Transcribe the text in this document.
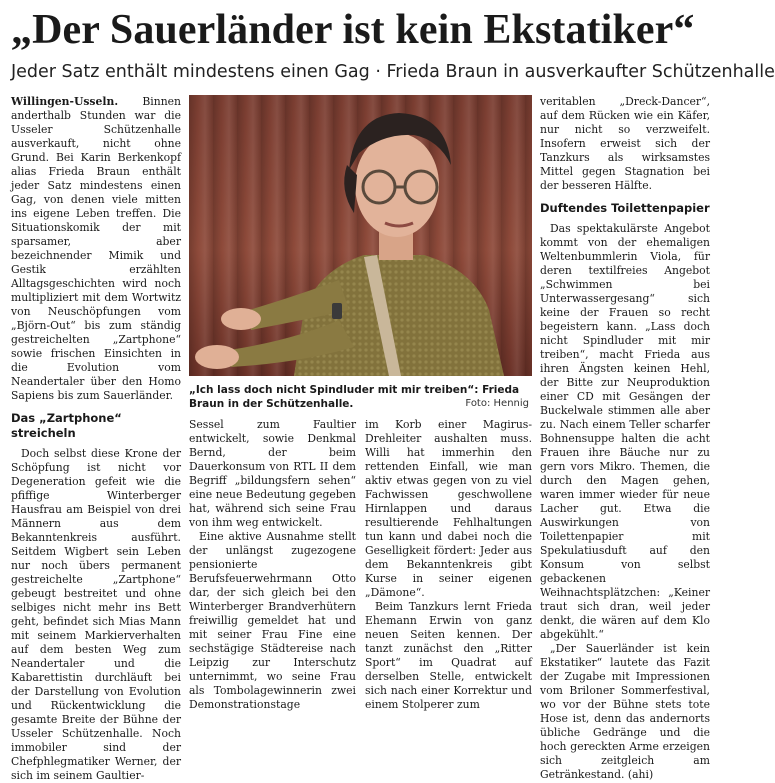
„Der Sauerländer ist kein Ekstatiker“
Jeder Satz enthält mindestens einen Gag · Frieda Braun in ausverkaufter Schützenhalle

Willingen-Usseln. Binnen anderthalb Stunden war die Usseler Schützenhalle ausverkauft, nicht ohne Grund. Bei Karin Berkenkopf alias Frieda Braun enthält jeder Satz mindestens einen Gag, von denen viele mitten ins eigene Leben treffen. Die Situationskomik der mit sparsamer, aber bezeichnender Mimik und Gestik erzählten Alltagsgeschichten wird noch multipliziert mit dem Wortwitz von Neuschöpfungen vom „Björn-Out“ bis zum ständig gestreichelten „Zartphone“ sowie frischen Einsichten in die Evolution vom Neandertaler über den Homo Sapiens bis zum Sauerländer.

Das „Zartphone“ streicheln

Doch selbst diese Krone der Schöpfung ist nicht vor Degeneration gefeit wie die pfiffige Winterberger Hausfrau am Beispiel von drei Männern aus dem Bekanntenkreis ausführt. Seitdem Wigbert sein Leben nur noch übers permanent gestreichelte „Zartphone“ gebeugt bestreitet und ohne selbiges nicht mehr ins Bett geht, befindet sich Mias Mann mit seinem Markierverhalten auf dem besten Weg zum Neandertaler und die Kabarettistin durchläuft bei der Darstellung von Evolution und Rückentwicklung die gesamte Breite der Bühne der Usseler Schützenhalle. Noch immobiler sind der Chefphlegmatiker Werner, der sich im seinem Gaultier-

„Ich lass doch nicht Spindluder mit mir treiben“: Frieda Braun in der Schützenhalle.	Foto: Hennig

Sessel zum Faultier entwickelt, sowie Denkmal Bernd, der beim Dauerkonsum von RTL II dem Begriff „bildungsfern sehen“ eine neue Bedeutung gegeben hat, während sich seine Frau von ihm weg entwickelt.

Eine aktive Ausnahme stellt der unlängst zugezogene pensionierte Berufsfeuerwehrmann Otto dar, der sich gleich bei den Winterberger Brandverhütern freiwillig gemeldet hat und mit seiner Frau Fine eine sechstägige Städtereise nach Leipzig zur Interschutz unternimmt, wo seine Frau als Tombolagewinnerin zwei Demonstrationstage

im Korb einer Magirus-Drehleiter aushalten muss. Willi hat immerhin den rettenden Einfall, wie man aktiv etwas gegen von zu viel Fachwissen geschwollene Hirnlappen und daraus resultierende Fehlhaltungen tun kann und dabei noch die Geselligkeit fördert: Jeder aus dem Bekanntenkreis gibt Kurse in seiner eigenen „Dämone“.

Beim Tanzkurs lernt Frieda Ehemann Erwin von ganz neuen Seiten kennen. Der tanzt zunächst den „Ritter Sport“ im Quadrat auf derselben Stelle, entwickelt sich nach einer Korrektur und einem Stolperer zum

veritablen „Dreck-Dancer“, auf dem Rücken wie ein Käfer, nur nicht so verzweifelt. Insofern erweist sich der Tanzkurs als wirksamstes Mittel gegen Stagnation bei der besseren Hälfte.

Duftendes Toilettenpapier

Das spektakulärste Angebot kommt von der ehemaligen Weltenbummlerin Viola, für deren textilfreies Angebot „Schwimmen bei Unterwassergesang“ sich keine der Frauen so recht begeistern kann. „Lass doch nicht Spindluder mit mir treiben“, macht Frieda aus ihren Ängsten keinen Hehl, der Bitte zur Neuproduktion einer CD mit Gesängen der Buckelwale stimmen alle aber zu. Nach einem Teller scharfer Bohnensuppe halten die acht Frauen ihre Bäuche nur zu gern vors Mikro. Themen, die durch den Magen gehen, waren immer wieder für neue Lacher gut. Etwa die Auswirkungen von Toilettenpapier mit Spekulatiusduft auf den Konsum von selbst gebackenen Weihnachtsplätzchen: „Keiner traut sich dran, weil jeder denkt, die wären auf dem Klo abgekühlt.“

„Der Sauerländer ist kein Ekstatiker“ lautete das Fazit der Zugabe mit Impressionen vom Briloner Sommerfestival, wo vor der Bühne stets tote Hose ist, denn das andernorts übliche Gedränge und die hoch gereckten Arme erzeigen sich zeitgleich am Getränkestand. (ahi)
